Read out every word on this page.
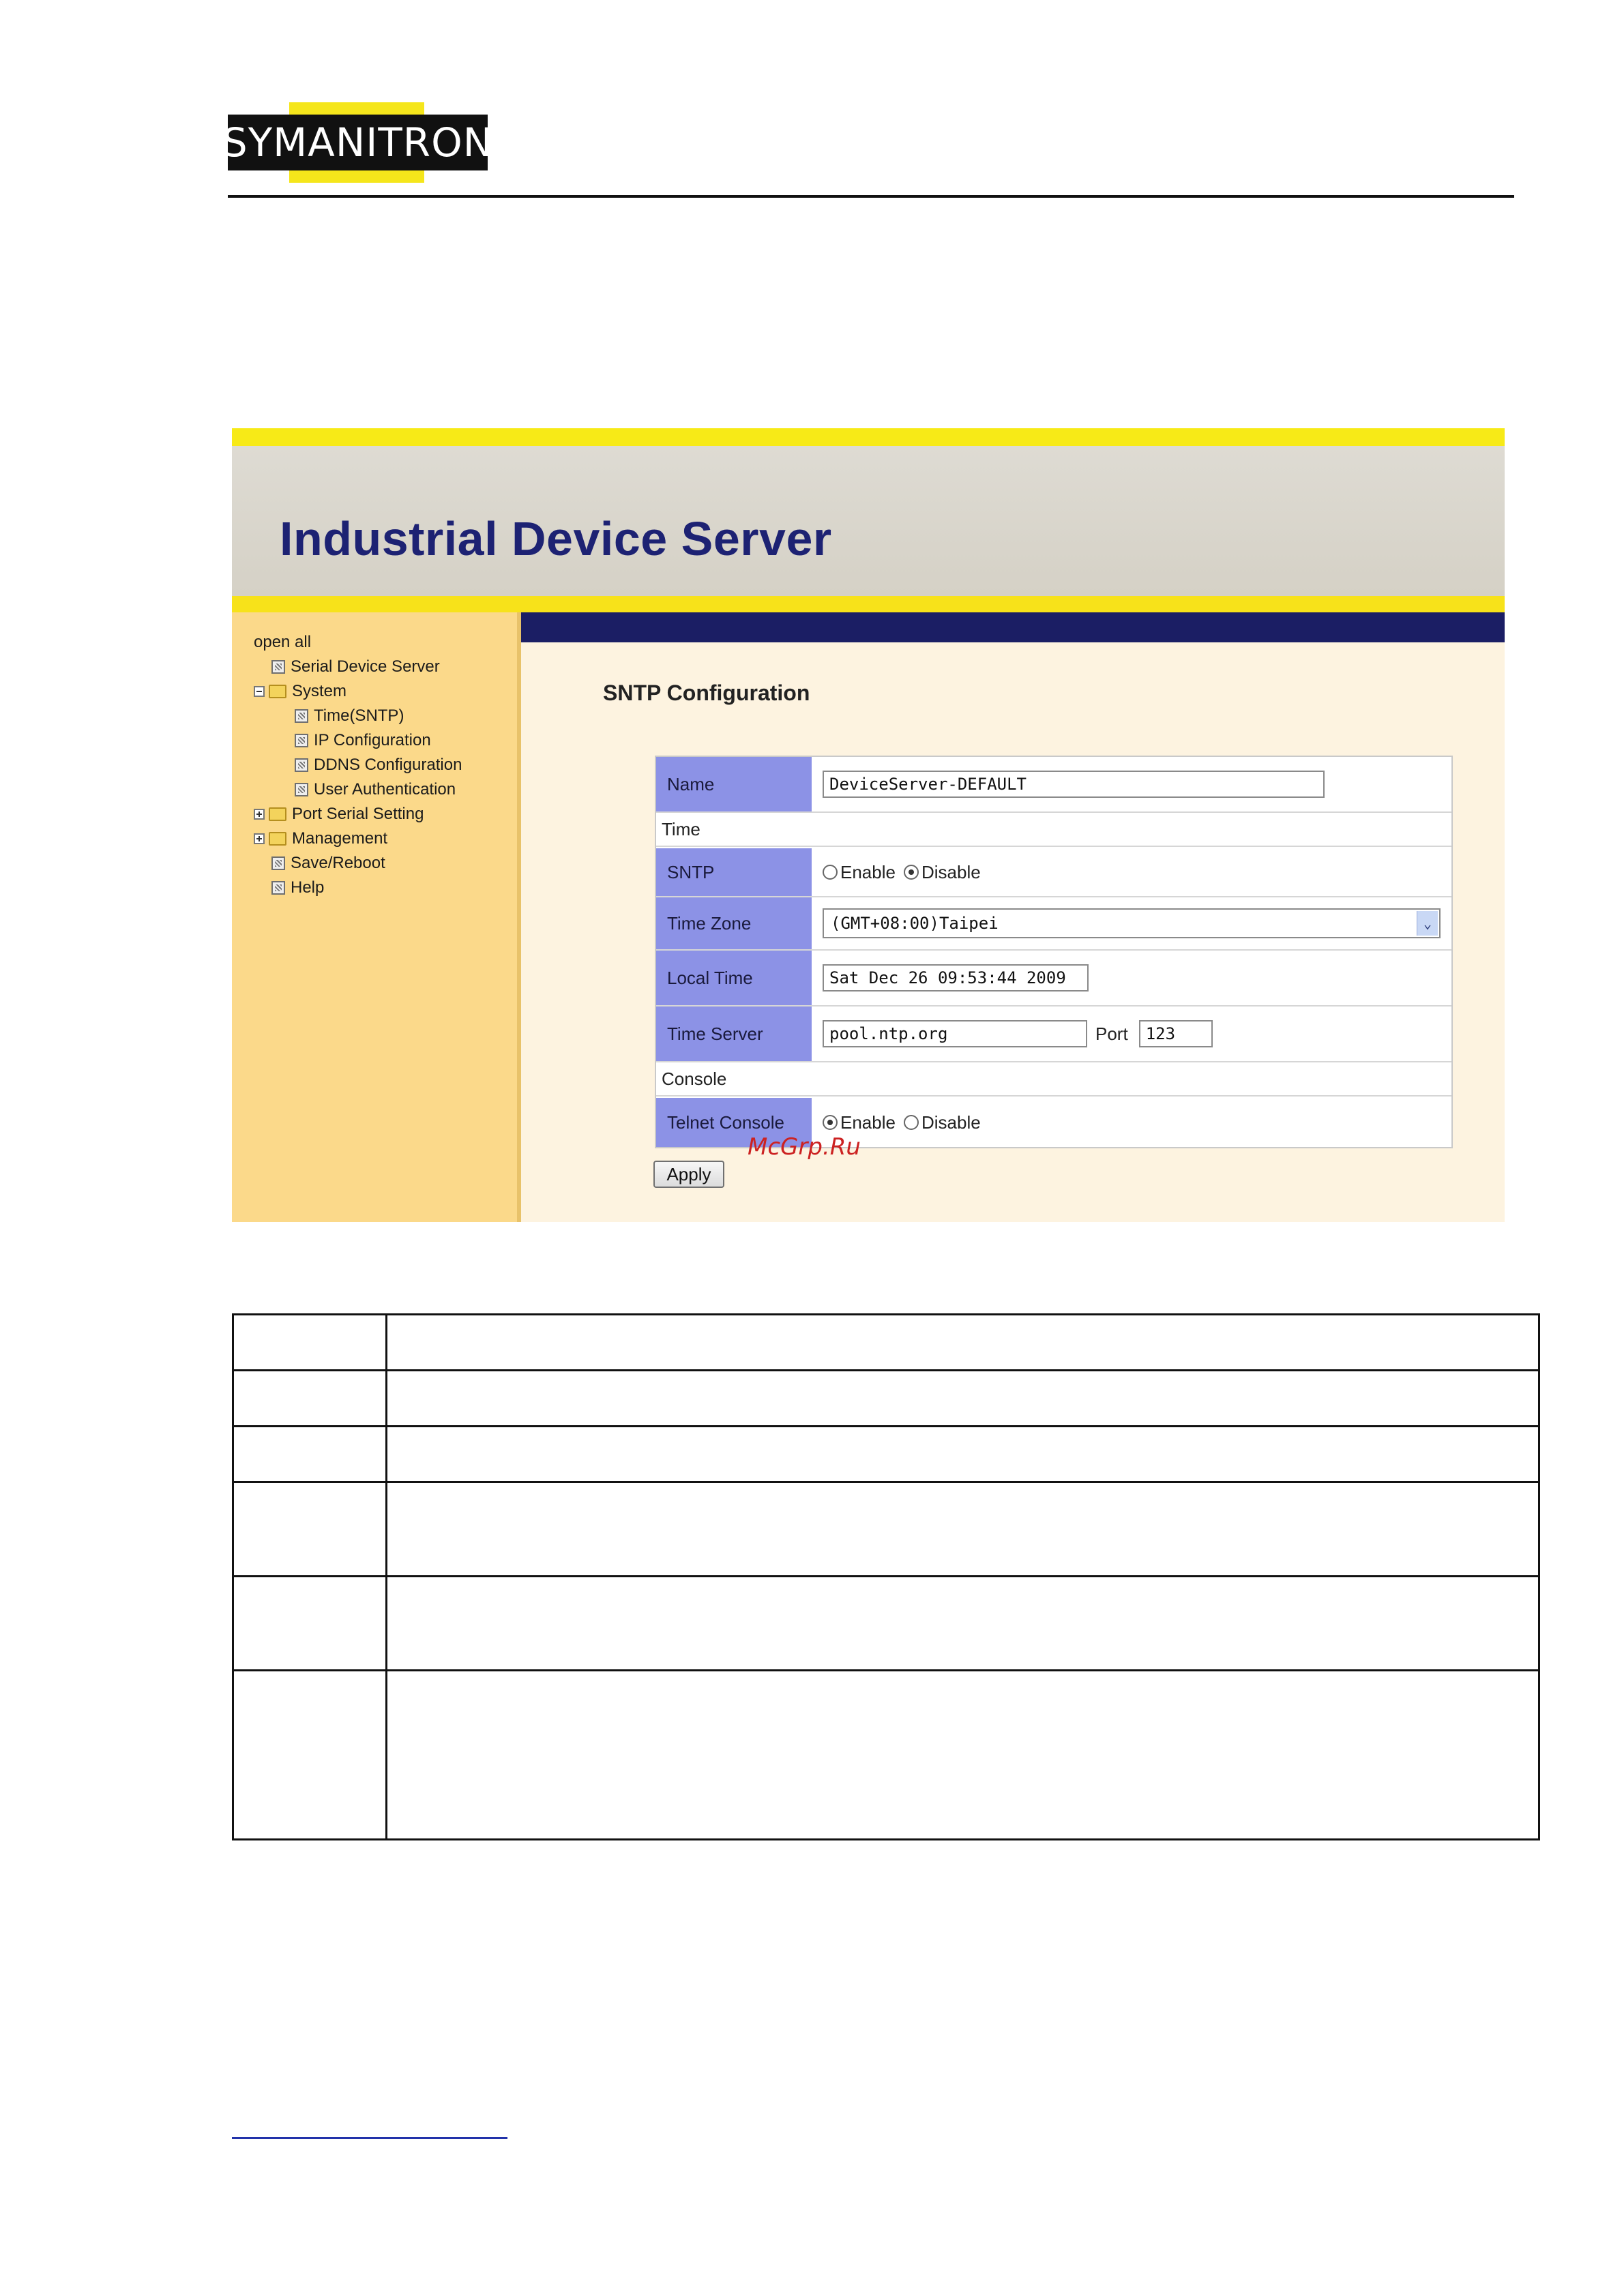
SYMANITRON
Industrial Device Server
open all
Serial Device Server
System
Time(SNTP)
IP Configuration
DDNS Configuration
User Authentication
Port Serial Setting
Management
Save/Reboot
Help
SNTP Configuration
Name	DeviceServer-DEFAULT
Time
SNTP	Enable Disable
Time Zone	(GMT+08:00)Taipei	⌄
Local Time	Sat Dec 26 09:53:44 2009
Time Server	pool.ntp.org	Port	123
Console
Telnet Console	Enable Disable
Apply
McGrp.Ru
